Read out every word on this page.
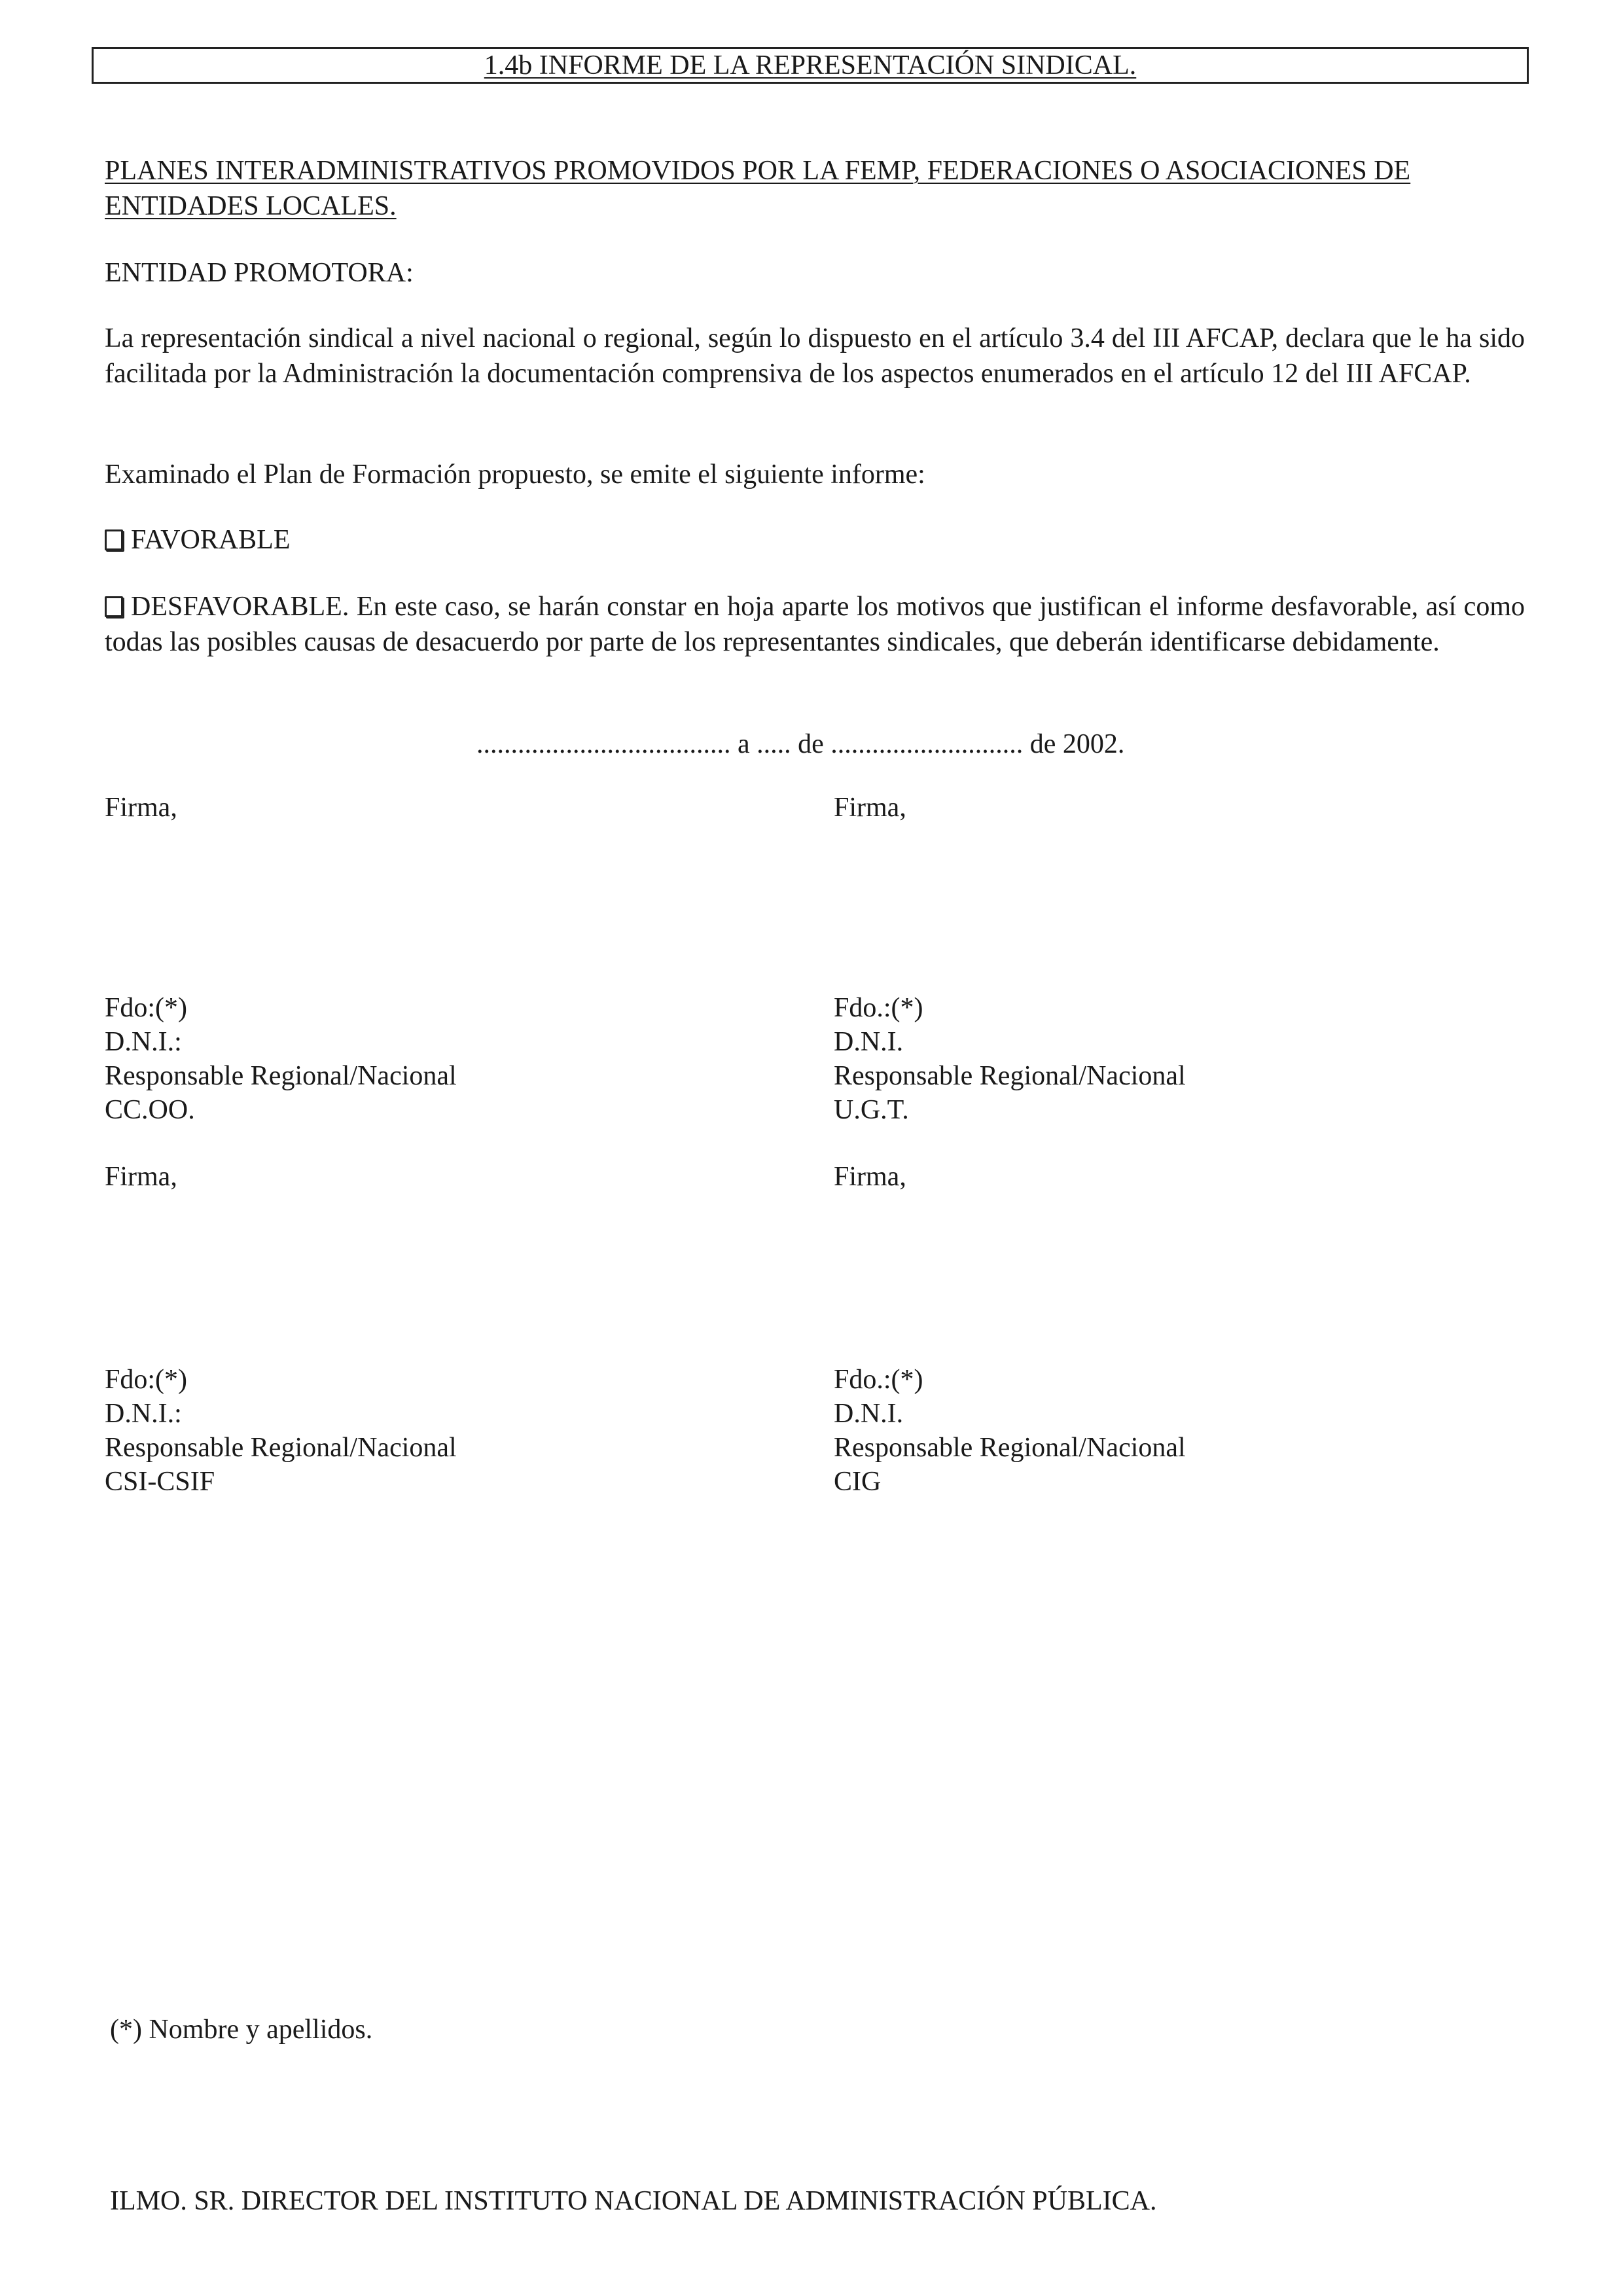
1.4b INFORME DE LA REPRESENTACIÓN SINDICAL.
PLANES INTERADMINISTRATIVOS PROMOVIDOS POR LA FEMP, FEDERACIONES O ASOCIACIONES DE ENTIDADES LOCALES.
ENTIDAD PROMOTORA:
La representación sindical a nivel nacional o regional, según lo dispuesto en el artículo 3.4 del III AFCAP, declara que le ha sido facilitada por la Administración la documentación comprensiva de los aspectos enumerados en el artículo 12 del III AFCAP.
Examinado el Plan de Formación propuesto, se emite el siguiente informe:
FAVORABLE
DESFAVORABLE. En este caso, se harán constar en hoja aparte los motivos que justifican el informe desfavorable, así como todas las posibles causas de desacuerdo por parte de los representantes sindicales, que deberán identificarse debidamente.
..................................... a ..... de ............................ de 2002.
Firma,	Firma,
Fdo:(*)
D.N.I.:
Responsable Regional/Nacional
CC.OO.
Fdo.:(*)
D.N.I.
Responsable Regional/Nacional
U.G.T.
Firma,	Firma,
Fdo:(*)
D.N.I.:
Responsable Regional/Nacional
CSI-CSIF
Fdo.:(*)
D.N.I.
Responsable Regional/Nacional
CIG
(*) Nombre y apellidos.
ILMO. SR. DIRECTOR DEL INSTITUTO NACIONAL DE ADMINISTRACIÓN PÚBLICA.
